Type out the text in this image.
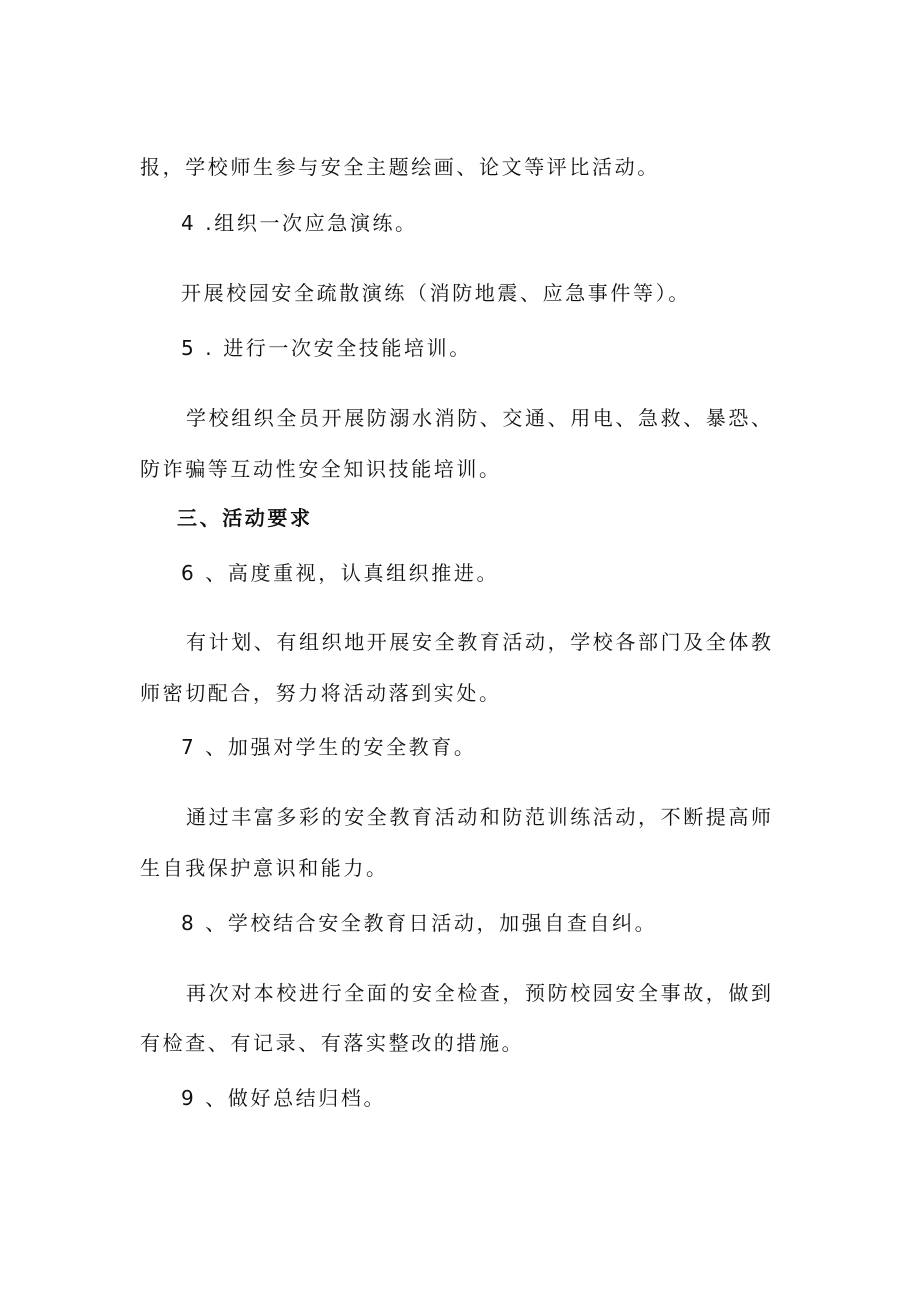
报，学校师生参与安全主题绘画、论文等评比活动。
4 .组织一次应急演练。
开展校园安全疏散演练（消防地震、应急事件等）。
5 . 进行一次安全技能培训。
学校组织全员开展防溺水消防、交通、用电、急救、暴恐、
防诈骗等互动性安全知识技能培训。
三、活动要求
6 、高度重视，认真组织推进。
有计划、有组织地开展安全教育活动，学校各部门及全体教
师密切配合，努力将活动落到实处。
7 、加强对学生的安全教育。
通过丰富多彩的安全教育活动和防范训练活动，不断提高师
生自我保护意识和能力。
8 、学校结合安全教育日活动，加强自查自纠。
再次对本校进行全面的安全检查，预防校园安全事故，做到
有检查、有记录、有落实整改的措施。
9 、做好总结归档。
